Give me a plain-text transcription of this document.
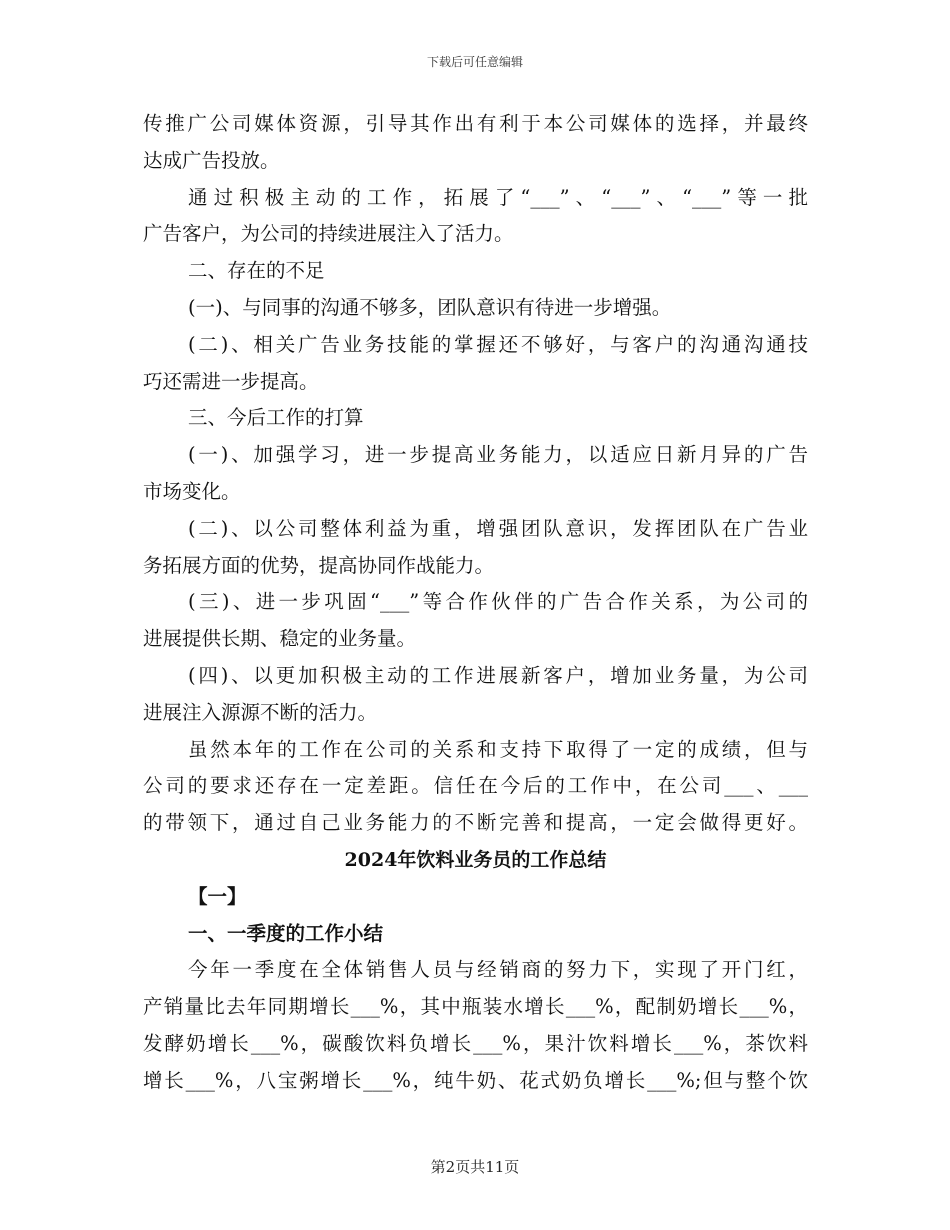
下载后可任意编辑
传推广公司媒体资源，引导其作出有利于本公司媒体的选择，并最终
达成广告投放。
通过积极主动的工作，拓展了“___”、“___”、“___”等一批
广告客户，为公司的持续进展注入了活力。
二、存在的不足
(一)、与同事的沟通不够多，团队意识有待进一步增强。
(二)、相关广告业务技能的掌握还不够好，与客户的沟通沟通技
巧还需进一步提高。
三、今后工作的打算
(一)、加强学习，进一步提高业务能力，以适应日新月异的广告
市场变化。
(二)、以公司整体利益为重，增强团队意识，发挥团队在广告业
务拓展方面的优势，提高协同作战能力。
(三)、进一步巩固“___”等合作伙伴的广告合作关系，为公司的
进展提供长期、稳定的业务量。
(四)、以更加积极主动的工作进展新客户，增加业务量，为公司
进展注入源源不断的活力。
虽然本年的工作在公司的关系和支持下取得了一定的成绩，但与
公司的要求还存在一定差距。信任在今后的工作中，在公司___、___
的带领下，通过自己业务能力的不断完善和提高，一定会做得更好。
2024年饮料业务员的工作总结
【一】
一、一季度的工作小结
今年一季度在全体销售人员与经销商的努力下，实现了开门红，
产销量比去年同期增长___%，其中瓶装水增长___%，配制奶增长___%，
发酵奶增长___%，碳酸饮料负增长___%，果汁饮料增长___%，茶饮料
增长___%，八宝粥增长___%，纯牛奶、花式奶负增长___%;但与整个饮
第2页共11页
